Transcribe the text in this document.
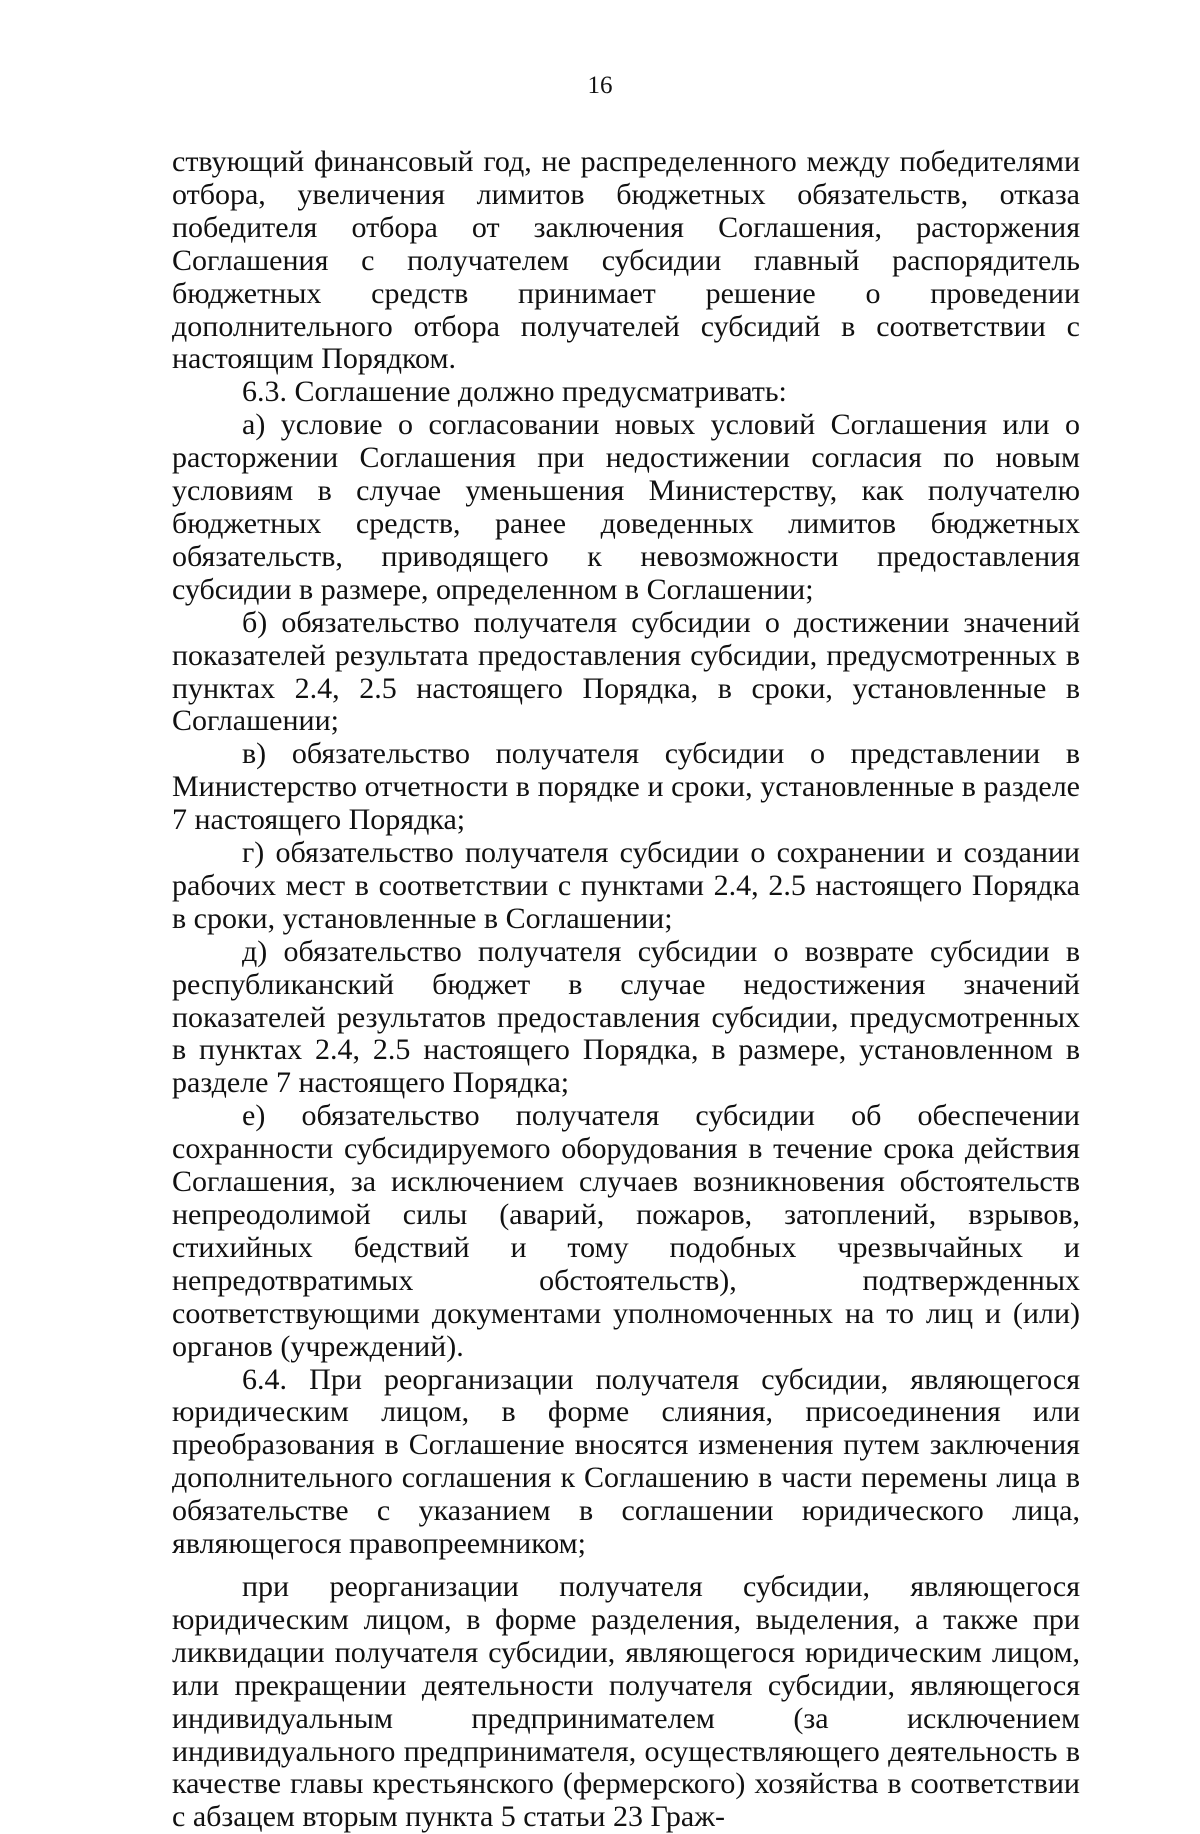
16

ствующий финансовый год, не распределенного между победителями отбора, увеличения лимитов бюджетных обязательств, отказа победителя отбора от заключения Соглашения, расторжения Соглашения с получателем субсидии главный распорядитель бюджетных средств принимает решение о проведении дополнительного отбора получателей субсидий в соответствии с настоящим Порядком.

6.3. Соглашение должно предусматривать:

а) условие о согласовании новых условий Соглашения или о расторжении Соглашения при недостижении согласия по новым условиям в случае уменьшения Министерству, как получателю бюджетных средств, ранее доведенных лимитов бюджетных обязательств, приводящего к невозможности предоставления субсидии в размере, определенном в Соглашении;

б) обязательство получателя субсидии о достижении значений показателей результата предоставления субсидии, предусмотренных в пунктах 2.4, 2.5 настоящего Порядка, в сроки, установленные в Соглашении;

в) обязательство получателя субсидии о представлении в Министерство отчетности в порядке и сроки, установленные в разделе 7 настоящего Порядка;

г) обязательство получателя субсидии о сохранении и создании рабочих мест в соответствии с пунктами 2.4, 2.5 настоящего Порядка в сроки, установленные в Соглашении;

д) обязательство получателя субсидии о возврате субсидии в республиканский бюджет в случае недостижения значений показателей результатов предоставления субсидии, предусмотренных в пунктах 2.4, 2.5 настоящего Порядка, в размере, установленном в разделе 7 настоящего Порядка;

е) обязательство получателя субсидии об обеспечении сохранности субсидируемого оборудования в течение срока действия Соглашения, за исключением случаев возникновения обстоятельств непреодолимой силы (аварий, пожаров, затоплений, взрывов, стихийных бедствий и тому подобных чрезвычайных и непредотвратимых обстоятельств), подтвержденных соответствующими документами уполномоченных на то лиц и (или) органов (учреждений).

6.4. При реорганизации получателя субсидии, являющегося юридическим лицом, в форме слияния, присоединения или преобразования в Соглашение вносятся изменения путем заключения дополнительного соглашения к Соглашению в части перемены лица в обязательстве с указанием в соглашении юридического лица, являющегося правопреемником;

при реорганизации получателя субсидии, являющегося юридическим лицом, в форме разделения, выделения, а также при ликвидации получателя субсидии, являющегося юридическим лицом, или прекращении деятельности получателя субсидии, являющегося индивидуальным предпринимателем (за исключением индивидуального предпринимателя, осуществляющего деятельность в качестве главы крестьянского (фермерского) хозяйства в соответствии с абзацем вторым пункта 5 статьи 23 Граж-
